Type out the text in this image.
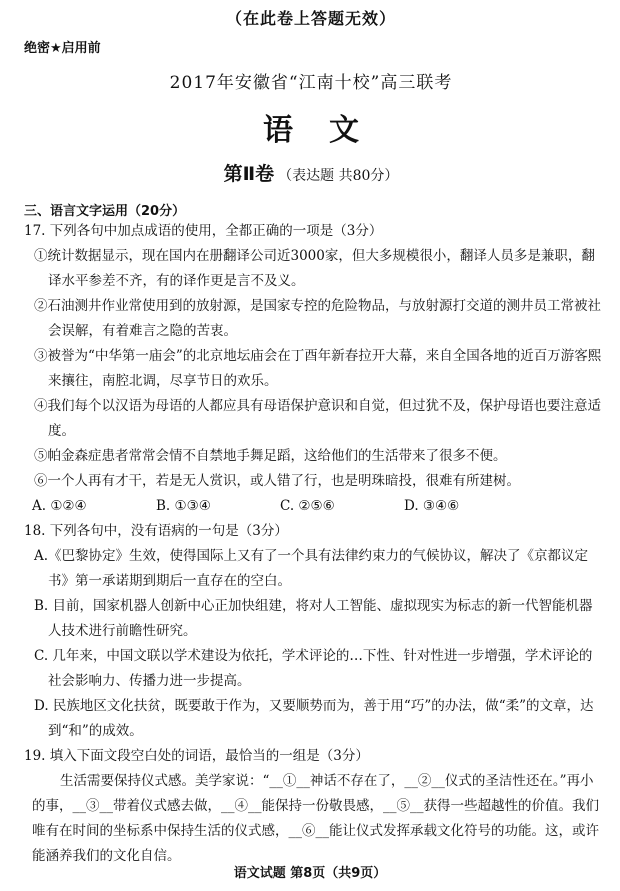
（在此卷上答题无效）
绝密★启用前
2017年安徽省“江南十校”高三联考
语文
第Ⅱ卷 （表达题 共80分）
三、语言文字运用（20分）
17. 下列各句中加点成语的使用，全都正确的一项是（3分）
①统计数据显示，现在国内在册翻译公司近3000家，但大多规模很小，翻译人员多是兼职，翻译水平参差不齐，有的译作更是言不及义。
②石油测井作业常使用到的放射源，是国家专控的危险物品，与放射源打交道的测井员工常被社会误解，有着难言之隐的苦衷。
③被誉为“中华第一庙会”的北京地坛庙会在丁酉年新春拉开大幕，来自全国各地的近百万游客熙来攘往，南腔北调，尽享节日的欢乐。
④我们每个以汉语为母语的人都应具有母语保护意识和自觉，但过犹不及，保护母语也要注意适度。
⑤帕金森症患者常常会情不自禁地手舞足蹈，这给他们的生活带来了很多不便。
⑥一个人再有才干，若是无人赏识，或人错了行，也是明珠暗投，很难有所建树。
A. ①②④	B. ①③④	C. ②⑤⑥	D. ③④⑥
18. 下列各句中，没有语病的一句是（3分）
A.《巴黎协定》生效，使得国际上又有了一个具有法律约束力的气候协议，解决了《京都议定书》第一承诺期到期后一直存在的空白。
B. 目前，国家机器人创新中心正加快组建，将对人工智能、虚拟现实为标志的新一代智能机器人技术进行前瞻性研究。
C. 几年来，中国文联以学术建设为依托，学术评论的…下性、针对性进一步增强，学术评论的社会影响力、传播力进一步提高。
D. 民族地区文化扶贫，既要敢于作为，又要顺势而为，善于用“巧”的办法，做“柔”的文章，达到“和”的成效。
19. 填入下面文段空白处的词语，最恰当的一组是（3分）
生活需要保持仪式感。美学家说：“__①__神话不存在了，__②__仪式的圣洁性还在。”再小的事，__③__带着仪式感去做，__④__能保持一份敬畏感，__⑤__获得一些超越性的价值。我们唯有在时间的坐标系中保持生活的仪式感，__⑥__能让仪式发挥承载文化符号的功能。这，或许能涵养我们的文化自信。
语文试题 第8页（共9页）
